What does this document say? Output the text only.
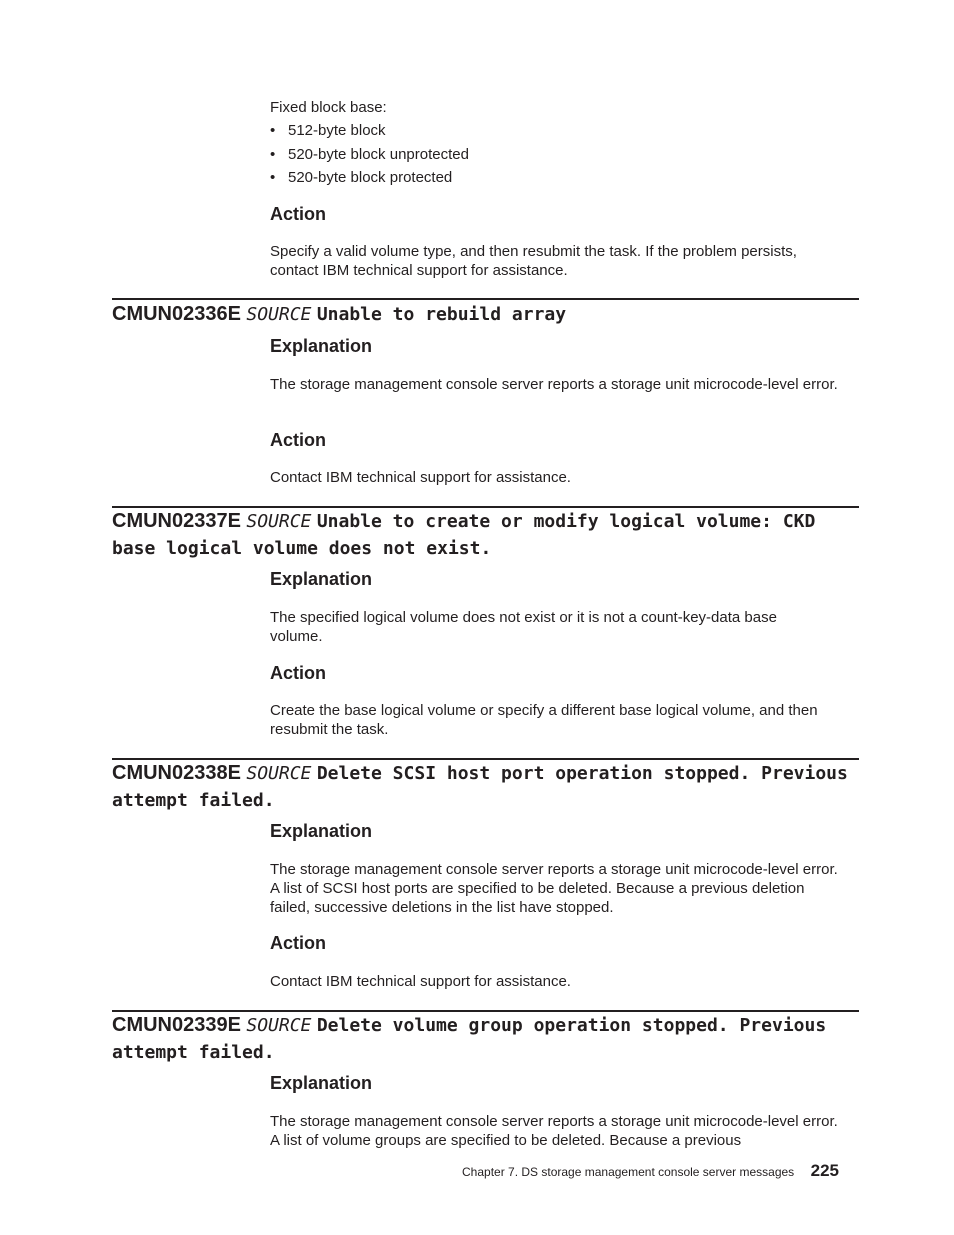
Fixed block base:
• 512-byte block
• 520-byte block unprotected
• 520-byte block protected
Action
Specify a valid volume type, and then resubmit the task. If the problem persists, contact IBM technical support for assistance.
CMUN02336E SOURCE Unable to rebuild array
Explanation
The storage management console server reports a storage unit microcode-level error.
Action
Contact IBM technical support for assistance.
CMUN02337E SOURCE Unable to create or modify logical volume: CKD base logical volume does not exist.
Explanation
The specified logical volume does not exist or it is not a count-key-data base volume.
Action
Create the base logical volume or specify a different base logical volume, and then resubmit the task.
CMUN02338E SOURCE Delete SCSI host port operation stopped. Previous attempt failed.
Explanation
The storage management console server reports a storage unit microcode-level error. A list of SCSI host ports are specified to be deleted. Because a previous deletion failed, successive deletions in the list have stopped.
Action
Contact IBM technical support for assistance.
CMUN02339E SOURCE Delete volume group operation stopped. Previous attempt failed.
Explanation
The storage management console server reports a storage unit microcode-level error. A list of volume groups are specified to be deleted. Because a previous
Chapter 7. DS storage management console server messages 225
